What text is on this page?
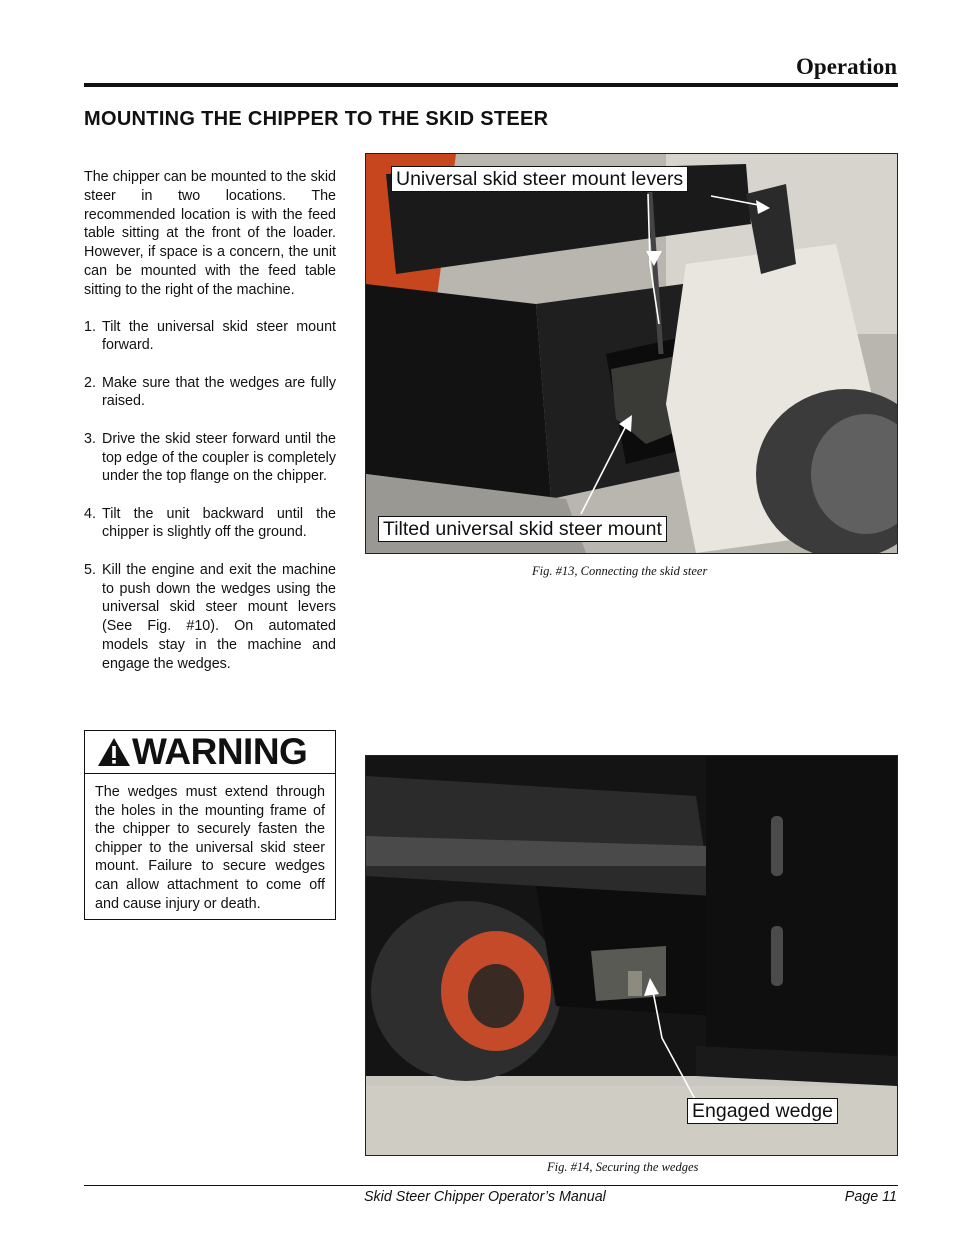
Operation
MOUNTING THE CHIPPER TO THE SKID STEER

The chipper can be mounted to the skid steer in two locations. The recommended location is with the feed table sitting at the front of the loader. However, if space is a concern, the unit can be mounted with the feed table sitting to the right of the machine.

1. Tilt the universal skid steer mount forward.
2. Make sure that the wedges are fully raised.
3. Drive the skid steer forward until the top edge of the coupler is completely under the top flange on the chipper.
4. Tilt the unit backward until the chipper is slightly off the ground.
5. Kill the engine and exit the machine to push down the wedges using the universal skid steer mount levers (See Fig. #10). On automated models stay in the machine and engage the wedges.
WARNING
The wedges must extend through the holes in the mounting frame of the chipper to securely fasten the chipper to the universal skid steer mount. Failure to secure wedges can allow attachment to come off and cause injury or death.
Universal skid steer mount levers
Tilted universal skid steer mount
Fig. #13, Connecting the skid steer
Engaged wedge
Fig. #14, Securing the wedges
Skid Steer Chipper Operator’s Manual	Page 11
